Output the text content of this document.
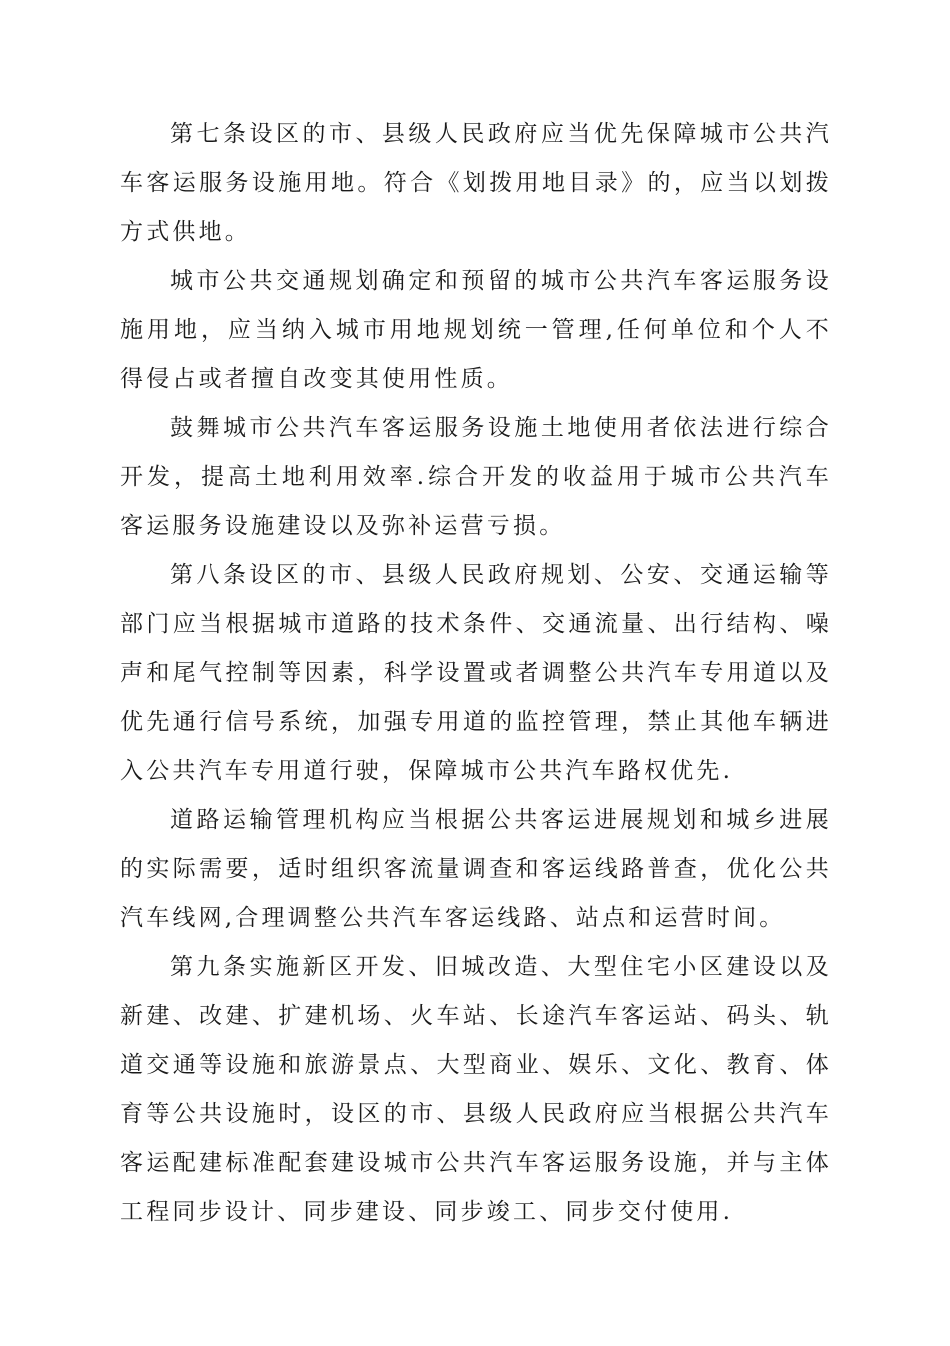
第七条设区的市、县级人民政府应当优先保障城市公共汽车客运服务设施用地。符合《划拨用地目录》的，应当以划拨方式供地。

城市公共交通规划确定和预留的城市公共汽车客运服务设施用地，应当纳入城市用地规划统一管理,任何单位和个人不得侵占或者擅自改变其使用性质。

鼓舞城市公共汽车客运服务设施土地使用者依法进行综合开发，提高土地利用效率.综合开发的收益用于城市公共汽车客运服务设施建设以及弥补运营亏损。

第八条设区的市、县级人民政府规划、公安、交通运输等部门应当根据城市道路的技术条件、交通流量、出行结构、噪声和尾气控制等因素，科学设置或者调整公共汽车专用道以及优先通行信号系统，加强专用道的监控管理，禁止其他车辆进入公共汽车专用道行驶，保障城市公共汽车路权优先.

道路运输管理机构应当根据公共客运进展规划和城乡进展的实际需要，适时组织客流量调查和客运线路普查，优化公共汽车线网,合理调整公共汽车客运线路、站点和运营时间。

第九条实施新区开发、旧城改造、大型住宅小区建设以及新建、改建、扩建机场、火车站、长途汽车客运站、码头、轨道交通等设施和旅游景点、大型商业、娱乐、文化、教育、体育等公共设施时，设区的市、县级人民政府应当根据公共汽车客运配建标准配套建设城市公共汽车客运服务设施，并与主体工程同步设计、同步建设、同步竣工、同步交付使用.
